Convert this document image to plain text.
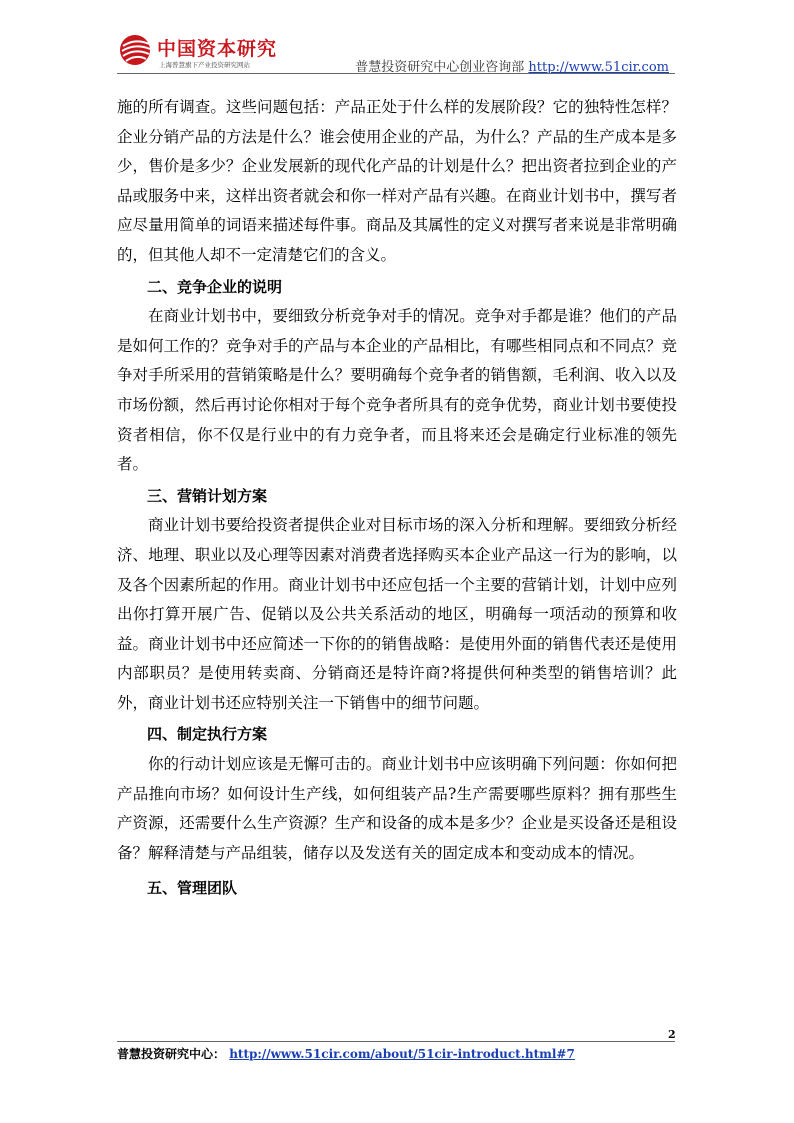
中国资本研究
上海普慧旗下产业投资研究网站	普慧投资研究中心创业咨询部 http://www.51cir.com

施的所有调查。这些问题包括：产品正处于什么样的发展阶段？它的独特性怎样？企业分销产品的方法是什么？谁会使用企业的产品，为什么？产品的生产成本是多少，售价是多少？企业发展新的现代化产品的计划是什么？把出资者拉到企业的产品或服务中来，这样出资者就会和你一样对产品有兴趣。在商业计划书中，撰写者应尽量用简单的词语来描述每件事。商品及其属性的定义对撰写者来说是非常明确的，但其他人却不一定清楚它们的含义。

二、竞争企业的说明

在商业计划书中，要细致分析竞争对手的情况。竞争对手都是谁？他们的产品是如何工作的？竞争对手的产品与本企业的产品相比，有哪些相同点和不同点？竞争对手所采用的营销策略是什么？要明确每个竞争者的销售额，毛利润、收入以及市场份额，然后再讨论你相对于每个竞争者所具有的竞争优势，商业计划书要使投资者相信，你不仅是行业中的有力竞争者，而且将来还会是确定行业标准的领先者。

三、营销计划方案

商业计划书要给投资者提供企业对目标市场的深入分析和理解。要细致分析经济、地理、职业以及心理等因素对消费者选择购买本企业产品这一行为的影响，以及各个因素所起的作用。商业计划书中还应包括一个主要的营销计划，计划中应列出你打算开展广告、促销以及公共关系活动的地区，明确每一项活动的预算和收益。商业计划书中还应简述一下你的的销售战略：是使用外面的销售代表还是使用内部职员？是使用转卖商、分销商还是特许商?将提供何种类型的销售培训？此外，商业计划书还应特别关注一下销售中的细节问题。

四、制定执行方案

你的行动计划应该是无懈可击的。商业计划书中应该明确下列问题：你如何把产品推向市场？如何设计生产线，如何组装产品?生产需要哪些原料？拥有那些生产资源，还需要什么生产资源？生产和设备的成本是多少？企业是买设备还是租设备？解释清楚与产品组装，储存以及发送有关的固定成本和变动成本的情况。

五、管理团队
2
普慧投资研究中心： http://www.51cir.com/about/51cir-introduct.html#7
